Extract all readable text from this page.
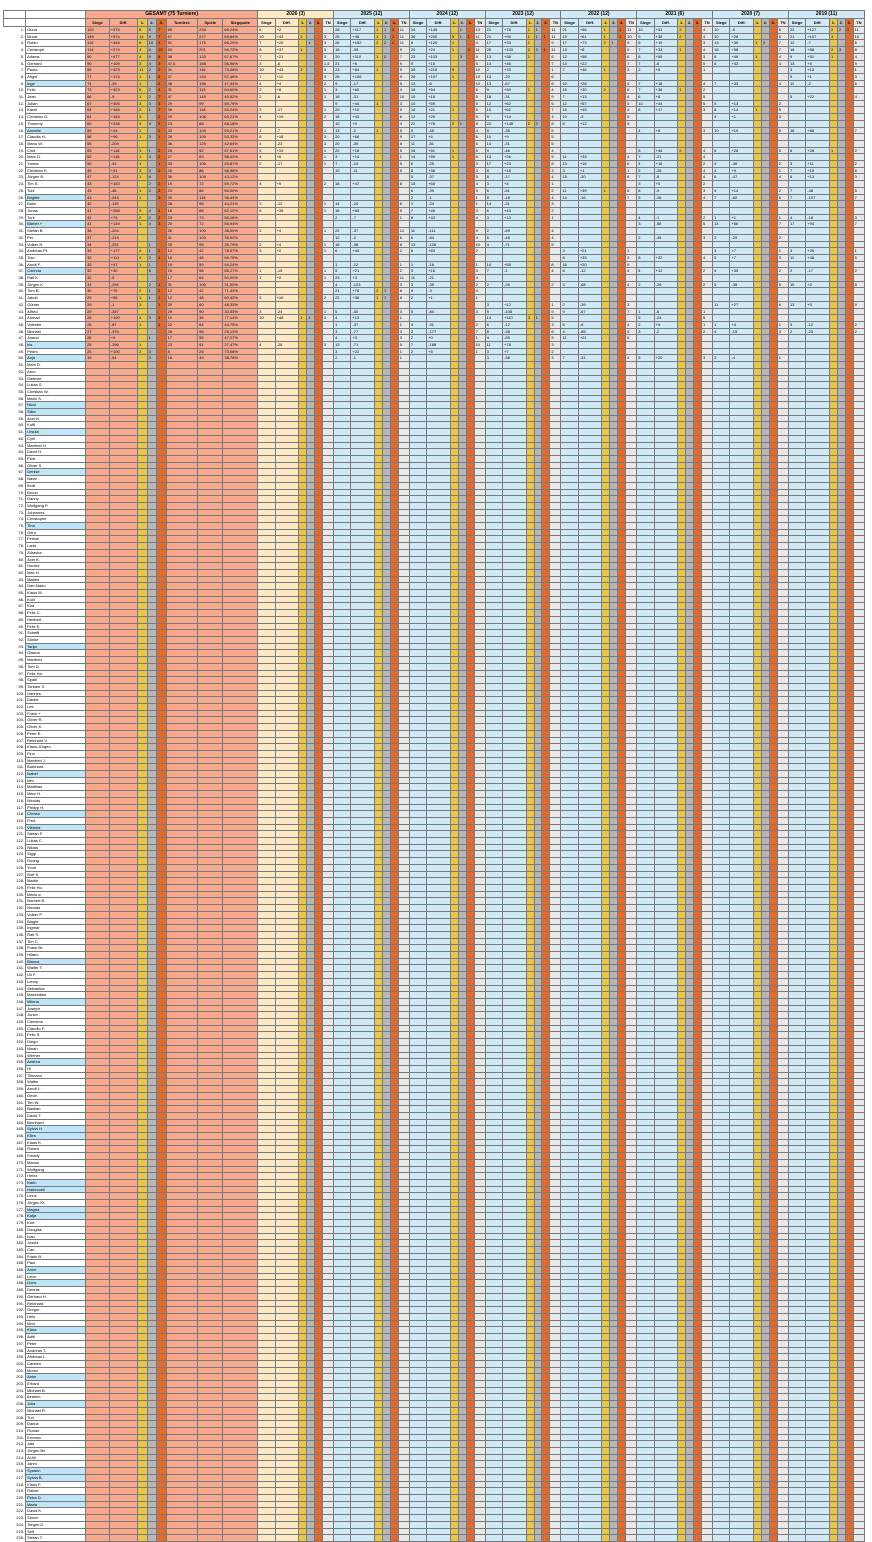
		GESAMT (75 Turniere)								2026 (3)						2025 (12)						2024 (12)						2023 (12)						2022 (12)						2021 (6)						2020 (7)						2019 (11)					
		Siege	Diff.	1.	2.	3.	Turniere	Spiele	Siegquote	Siege	Diff.	1.	2.	3.	TN	Siege	Diff.	1.	2.	3.	TN	Siege	Diff.	1.	2.	3.	TN	Siege	Diff.	1.	2.	3.	TN	Siege	Diff.	1.	2.	3.	TN	Siege	Diff.	1.	2.	3.	TN	Siege	Diff.	1.	2.	3.	TN	Siege	Diff.	1.	2.	3.	TN
1.	Guna	152	+575	8	6	7	69	233	65,24%	6	+2					28	+117	1	1	3	11	34	+149		1		13	21	+78	1	1		11	21	+56	1		1	11	10	+51	2			4	10	-5				6	22	+127	2	2	3	11
2.	Murat	149	+574	14	9	7	67	227	65,64%	10	+43	2			3	25	+48	1	1	1	11	36	+200	5	1	1	11	21	+95	1	1	1	11	19	+61	1		1	10	9	+38	2			4	10	+28				6	21	+107	3			10
3.	Robin	116	+445	6	10	3	51	175	66,29%	7	+20		1		3	26	+152	2	2	1	11	8	+120	1			4	17	+33	1			9	17	+73	2	1		9	6	+19				3	13	+35	1	3		7	12	-7				6
4.	Christoph	114	+274	4	6	10	60	201	56,72%	8	+37	1			3	16	-39				9	20	+24	1		3	11	26	+103	2	3	1	11	13	+8				9	7	+33	1			4	16	+58				7	16	+58	2	3		8
5.	Adams	90	+477	4	9	8	38	133	67,67%	7	+21				3	20	+110	1	2		7	23	+103		3		9	13	+38	1			6	12	+58				6	8	+59				3	6	+46	1			4	9	+51	1			4
6.	Gerhard	90	+109	3	4	3	47,5	158	56,96%	3	-6				1,5	21	+6				9	9	+15				5	14	+46				7	14	+22				7	7	-6				5	8	+43				4	13	+5				9
7.	Paulo	85	+423	11	2	2	31	116	73,28%	10	+43	2			3	23	+84	1			9	35	+215	5			10	2	+33				1	7	+46	1			3	2	+5				1							3	+13				1
8.	Angel	77	+174	1	1	6	37	134	57,46%	7	+11				3	26	+106				9	26	+107	1			10	13	-20				6																			5	+1				3
9.	Inge	74	-39	1		2	48	156	47,44%	4	+4				2	9	-17				5	13	-6				10	13	-67				6	10	+28				5	7	+18				4	7	+33				4	11	-2				6
10.	Felix	73	+323	6	2	4	31	113	64,60%	2	+8				1	3	+60				4	18	+54				6	9	+59	1			4	15	+30	2			6	7	+36	1			2												
11.	Jean	66	-9	1	2	7	47	145	45,52%	2	-6				1	18	-31				10	10	+18				5	18	-31				9	7	+13				4	6	+8				5							5	+22				4
12.	Julian	67	+305	3	3	4	29	99	59,79%							9	+44	1			3	10	+59				5	12	+62				5	12	+57				5	10	+44				5	5	+13				2						
13.	Kamil	64	+165	2	1	7	39	118	54,24%	3	-17				1	20	+10				9	16	+21	1			5	10	+62				7	15	+45				4	8	+17				3	8	+14	1			5						
14.	Christian G.	61	+154	3		2	29	108	63,21%	4	+19				2	18	+43				6	12	+29				5	9	+14				4	10	-3				5							4	+1				3						
15.	Thommy	60	+238	4	4	2	23	88	68,18%							10	+0				4	22	+78	2	1		8	22	+148	2	2		6	6	+12				5																		
16.	Annette	59	+24	1		1	33	109	53,21%	1	-7				1	13	-2	1			5	9	-45				4	9	-36				5							4	+8				3	10	+19				5	16	+88				7
17.	Claudia H.	56	+96	1	3	1	28	105	53,33%	8	+18				3	20	+66				9	17	+6				6	10	+9				5																								
18.	Manu W.	55	-209				36	129	42,64%	4	-23				3	20	-39				8	11	-81				6	14	-31				5																								
19.	Cind	53	+118	3	1	2	25	92	57,61%	5	+19				1	22	+18				5	16	+51	1			5	9	-46				4							8	+46	2			4	6	+28				5	6	+28	1			2
20.	Marc D.	52	+118	1	4	2	27	89	58,43%	4	+6				1	3	+14				1	14	+89	1			6	13	+26				5	11	+33				4	7	-21				4												
21.	Yannic	50	-41	1		1	33	109	45,87%	2	-17				1	7	-14				5	6	-25				3	17	+23				6	13	+16				6	4	+16				2	4	-36				2	3	+11				2
22.	Christian K.	49	+41	3	3	1	26	86	56,98%							10	-11				5	8	+38				3	8	+18				3	3	+1				1	5	-26				4	4	+9				1	7	+19				6
23.	Jürgen B.	47	-124	1	6		36	109	43,12%													5	-37				5	8	-17				4	15	-30				6	7	-8				4	6	-47				4	6	+13				3
24.	Tim S.	43	+153		2	2	19	72	59,72%	4	+9				2	18	+47				8	15	+68				4	3	+4				1							3	+5				2												
25.	Tobi	43	-46	1	2	3	23	86	50,00%													6	-39				3	6	-61				2	11	+39	1			6	8	-9				3	4	+14				2	7	-48				5
26.	Brigitte	43	-243	1		3	39	118	36,44%													2	-1				1	8	-18				4	14	-16				7	5	-26				4	7	-60				6	7	-107				7
27.	Butzi	42	-119				28	95	44,21%	3	-12				1	14	-20				6	1	-24				1	14	-21				3																								
28.	Jonas	41	+258	3	4	1	16	66	62,12%	6	+35				1	16	+83				5	7	+46				3	6	+43				2																								
29.	Toni	41	+73	2	2	2	23	73	56,16%							2	-7				1	8	+43				4	3	+13				1							4	-1				2	1	+1				1	4	-18				3
30.	Bärbel +	41	+149	1	4	3	20	72	56,94%																															3	-56				5	14	+66				7	17	+94				7
31.	Stefan B.	38	-204				26	100	38,00%	2	+4				1	22	-37				12	11	-111				9	2	-69				4																								
32.	Per	37	-219				31	103	35,92%							12	-2				6	6	-84				4	6	-48				4							2	-45				3	2	-29				2						
33.	Volker B.	34	-231		1		25	95	35,79%	2	+4				1	16	-38				8	13	-126				10	4	-71				5																								
34.	Andreas Pf.	33	+177	4	1	2	12	42	78,57%	3	+0				1	6	+40				2	6	+83				2							3	+21				1							3	+7				1	3	+26				1
35.	Toto	32	+111	4	2	1	16	48	66,75%																									8	+33				3	8	+22				4	5	+7				3	11	+48				5
36.	Arndt F.	32	+47	1	1		19	59	54,24%							1	-12				1	1	-16				1	14	+55				8	16	+20				9																		
37.	Corinna	32	+30		6		18	58	55,17%	1	-15				1	5	+21				2	3	+16				3	7	-1				4	6	-12				4	4	+12				2	4	+35				2	2	-17				2
38.	Ralf K.	32	-5				17	64	50,00%	1	+0				1	23	+3				11	11	-21				4																														
39.	Jürgen K.	31	-294		2	1	31	100	31,00%							4	-123				3	3	-35				2	2	-26				2	3	-68				4	2	-26				2	5	-38				5	10	+2				8
40.	Tom B.	30	+75	2	1	2	12	42	71,43%							21	+78	2	1		8	9	-3				4																														
41.	Jakob	29	+55	1	1	1	12	48	60,42%	5	+16				2	22	+38	1	1		8	2	+1				1																														
42.	Günter	29	-1	3		1	20	60	48,33%																			3	+12				1	2	-39				3							11	+27				6	13	+0				9
43.	Alfred	29	-357				29	90	30,53%	3	-24				1	5	-30				3	5	-84				3	9	-108				9	9	-67				7	1	-6				1												
44.	Ahmad	28	+190	4	3	1	10	36	77,14%	10	+48	1	1		3	4	+13				1							13	+110	3	1		5							5	-24				5												
45.	Valentin	28	-87	1		1	22	64	43,75%							1	-37				1	3	-31				2	6	-12				3	5	-6				4	2	+9				1	1	+4				1	3	-12				2
46.	Michael	27	-376				26	96	28,13%							3	-77				3	3	-177				7	8	-38				6	4	-85				5	3	-2				2	4	-15				3	2	-23				2
47.	Anand	26	+9		1		17	55	47,27%							4	+3				3	2	+0				1	4	-65				5	11	+21				6																		
48.	Iris	25	-296	1			23	91	27,47%	4	-28				3	13	-71				5	7	-188				10	11	+78				3																								
49.	Pedro	25	+100	2	3		8	26	73,08%							3	+22				1	2	+5				1	3	+7				2																								
50.	Anja	19	-54		3		16	49	38,78%							2	-1				1							3	-38				3	7	-31				4	5	+20				3	2	-4				1						
51.	Mani D.																																																								
52.	Arno																																																								
53.	Dietmar																																																								
54.	Lukas S.																																																								
55.	Christian W.																																																								
56.	Mario S.																																																								
57.	Nicol																																																								
58.	Silke																																																								
59.	Axel N.																																																								
60.	Kuffi																																																								
61.	Ursula																																																								
62.	Cyril																																																								
63.	Manfred H.																																																								
64.	David H.																																																								
65.	Piotr																																																								
66.	Oliver S.																																																								
67.	Denise																																																								
68.	Navin																																																								
69.	Ibolli																																																								
70.	Bruno																																																								
71.	Danny																																																								
72.	Wolfgang P.																																																								
73.	Johannes																																																								
74.	Christophe																																																								
75.	Tina																																																								
76.	Gero																																																								
77.	Ferhat																																																								
78.	Lada																																																								
79.	Zdravka																																																								
80.	Axel K.																																																								
81.	Hocine																																																								
82.	Max H.																																																								
83.	Mattes																																																								
84.	Dan Mario																																																								
85.	Klaus M.																																																								
86.	Kolli																																																								
87.	Kira																																																								
88.	Felix C.																																																								
89.	Heribert																																																								
90.	Felix E.																																																								
91.	Scheffi																																																								
92.	Sönke																																																								
93.	Tanja																																																								
94.	Gaston																																																								
95.	Manfred																																																								
96.	Tom D.																																																								
97.	Felix Ha.																																																								
98.	Spatli																																																								
99.	Torsten S.																																																								
100.	Hannes																																																								
101.	Daniel																																																								
102.	Lee																																																								
103.	Frank +																																																								
104.	Oliver R.																																																								
105.	Oliver K.																																																								
106.	Peter E.																																																								
107.	Reinhard V.																																																								
108.	Klaus-Jürgen																																																								
109.	Finn																																																								
110.	Manfred J.																																																								
111.	Burkhard																																																								
112.	Isabel																																																								
113.	Idm																																																								
114.	Matthias																																																								
115.	Marc H.																																																								
116.	Nicolas																																																								
117.	Philipp H.																																																								
118.	Christa																																																								
119.	Fred																																																								
120.	Viktoria																																																								
121.	Stefan F.																																																								
122.	Lukas C.																																																								
123.	Niklas																																																								
124.	Siggi																																																								
125.	Duong																																																								
126.	Youri																																																								
127.	Rolf S.																																																								
128.	Martin																																																								
129.	Felix Ho.																																																								
130.	Mario d.																																																								
131.	Norbert B.																																																								
132.	Nicolas																																																								
133.	Volker P.																																																								
134.	Biagio																																																								
135.	Ingmar																																																								
136.	Ralf S.																																																								
137.	Tim C.																																																								
138.	Frank Br.																																																								
139.	Hilario																																																								
140.	Bianca																																																								
141.	Walter T.																																																								
142.	Uli F.																																																								
143.	Lenny																																																								
144.	Sebastian																																																								
145.	Maximilian																																																								
146.	Milena																																																								
147.	Joseph																																																								
148.	Junior																																																								
149.	Clemens																																																								
150.	Claudio F.																																																								
151.	Felix S.																																																								
152.	Diego																																																								
153.	Ninah																																																								
154.	Werner																																																								
155.	Andrea																																																								
156.	Hi																																																								
157.	Tillmann																																																								
158.	Walter																																																								
159.	Arndt L.																																																								
160.	Devin																																																								
161.	Tim W.																																																								
162.	Bastian																																																								
163.	David T.																																																								
164.	Bernhard																																																								
165.	Sylvia H.																																																								
166.	Ellen																																																								
167.	Klaus K.																																																								
168.	Robert																																																								
169.	Freddy																																																								
170.	Marius																																																								
171.	Wolfgang																																																								
172.	Heinz																																																								
173.	Karin																																																								
174.	Hairecoell																																																								
175.	Linus																																																								
176.	Jürgen Kr.																																																								
177.	Magda																																																								
178.	Katja																																																								
179.	Kurt																																																								
180.	Douglas																																																								
181.	Ivan																																																								
182.	Joschi																																																								
183.	Can																																																								
184.	Frank B.																																																								
185.	Paul																																																								
186.	Anne																																																								
187.	Leon																																																								
188.	Doris																																																								
189.	Dennis																																																								
190.	Gerhard H.																																																								
191.	Reinhard																																																								
192.	Gregor																																																								
193.	Hels																																																								
194.	Mori																																																								
195.	Klara																																																								
196.	Aditi																																																								
197.	Peter																																																								
198.	Andreas T.																																																								
199.	Andreas L.																																																								
200.	Carsten																																																								
201.	Momo																																																								
202.	Anke																																																								
203.	Erhard																																																								
204.	Michael B.																																																								
205.	Ibrahim																																																								
206.	Julia																																																								
207.	Michael R.																																																								
208.	Turi																																																								
209.	Darius																																																								
210.	Florian																																																								
211.	Ernesto																																																								
212.	Jaki																																																								
213.	Jürgen Be.																																																								
214.	Al Ali																																																								
215.	Janni																																																								
216.	Sysann																																																								
217.	Sylvia B.																																																								
218.	Klaus F.																																																								
219.	Rainer																																																								
220.	Petra D.																																																								
221.	Maria																																																								
222.	David K.																																																								
223.	Simon																																																								
224.	Jürgen D.																																																								
225.	Seif																																																								
226.	Stefan T.																																																								
